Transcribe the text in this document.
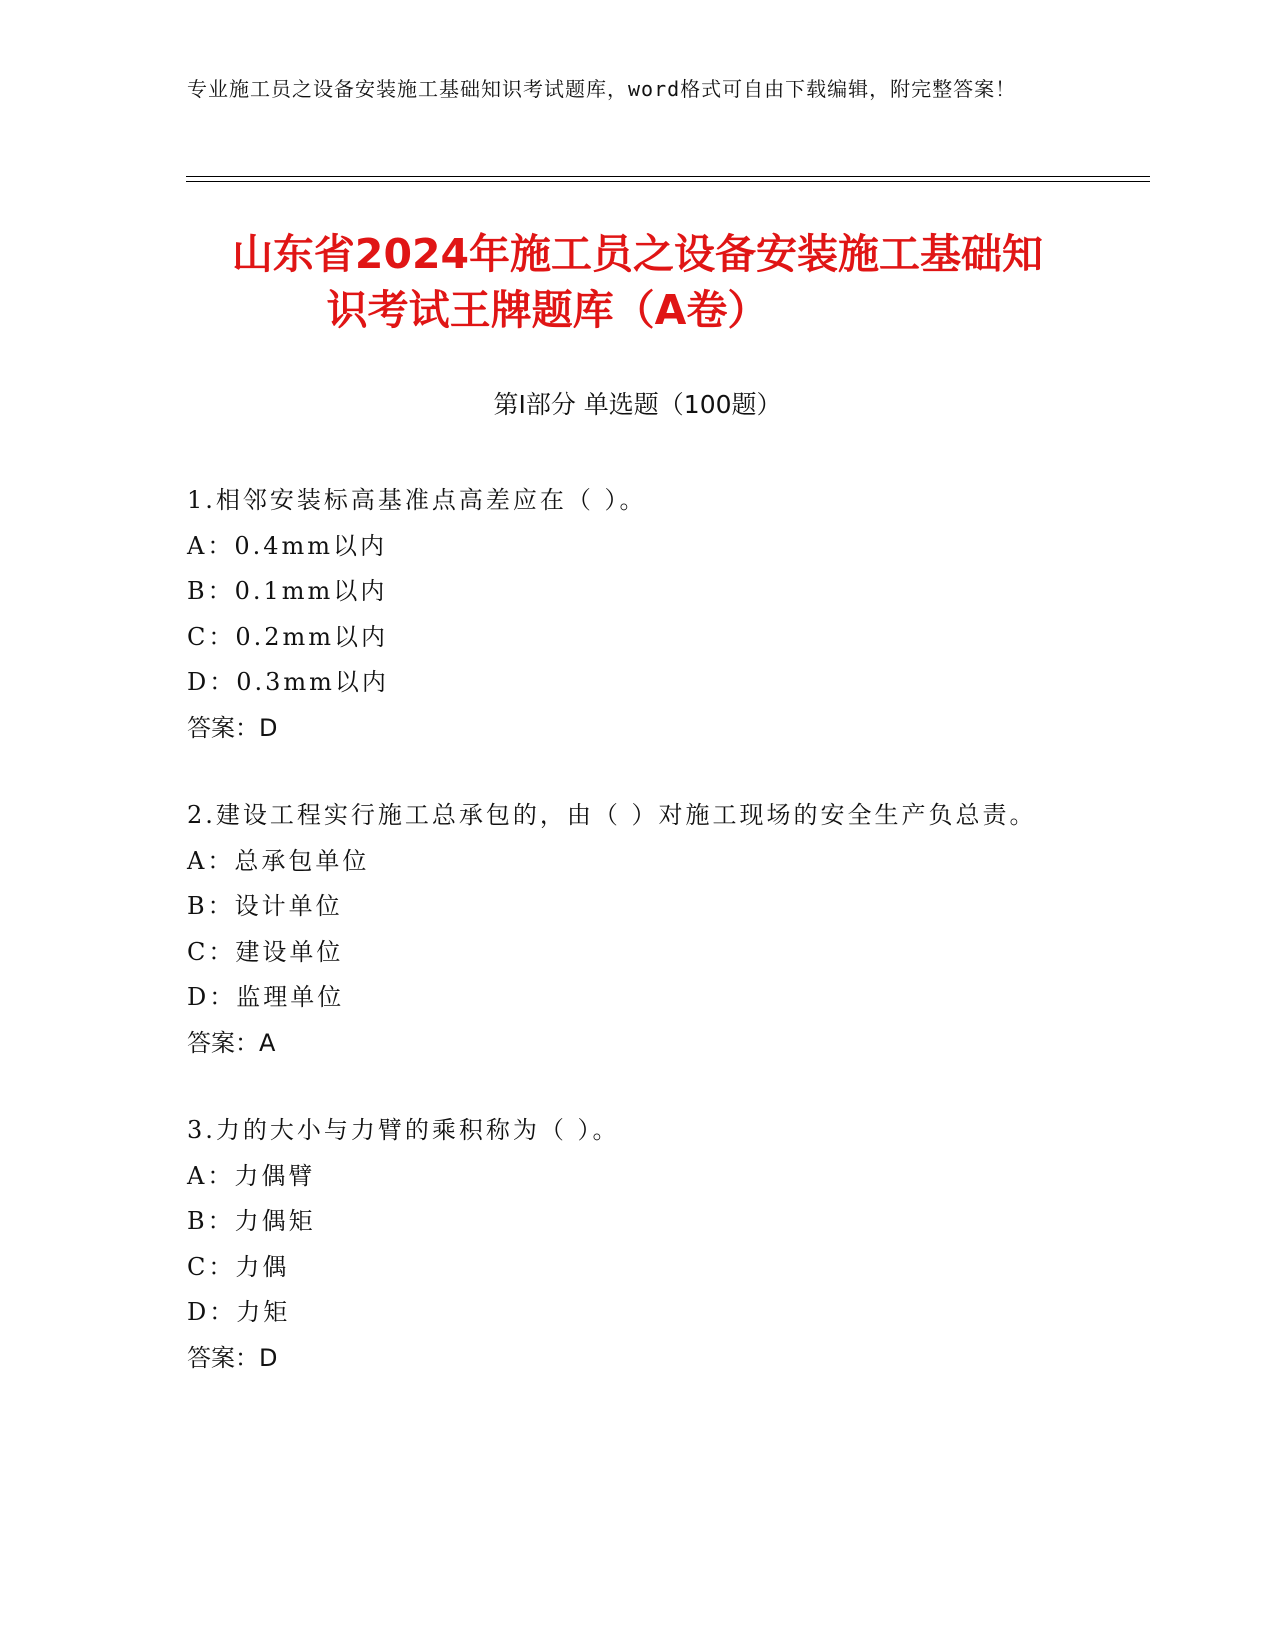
专业施工员之设备安装施工基础知识考试题库，word格式可自由下载编辑，附完整答案！
山东省2024年施工员之设备安装施工基础知
识考试王牌题库（A卷）
第Ⅰ部分 单选题（100题）

1.相邻安装标高基准点高差应在（ ）。

A：0.4mm以内

B：0.1mm以内

C：0.2mm以内

D：0.3mm以内

答案：D

2.建设工程实行施工总承包的，由（ ）对施工现场的安全生产负总责。

A：总承包单位

B：设计单位

C：建设单位

D：监理单位

答案：A

3.力的大小与力臂的乘积称为（ ）。

A：力偶臂

B：力偶矩

C：力偶

D：力矩

答案：D
